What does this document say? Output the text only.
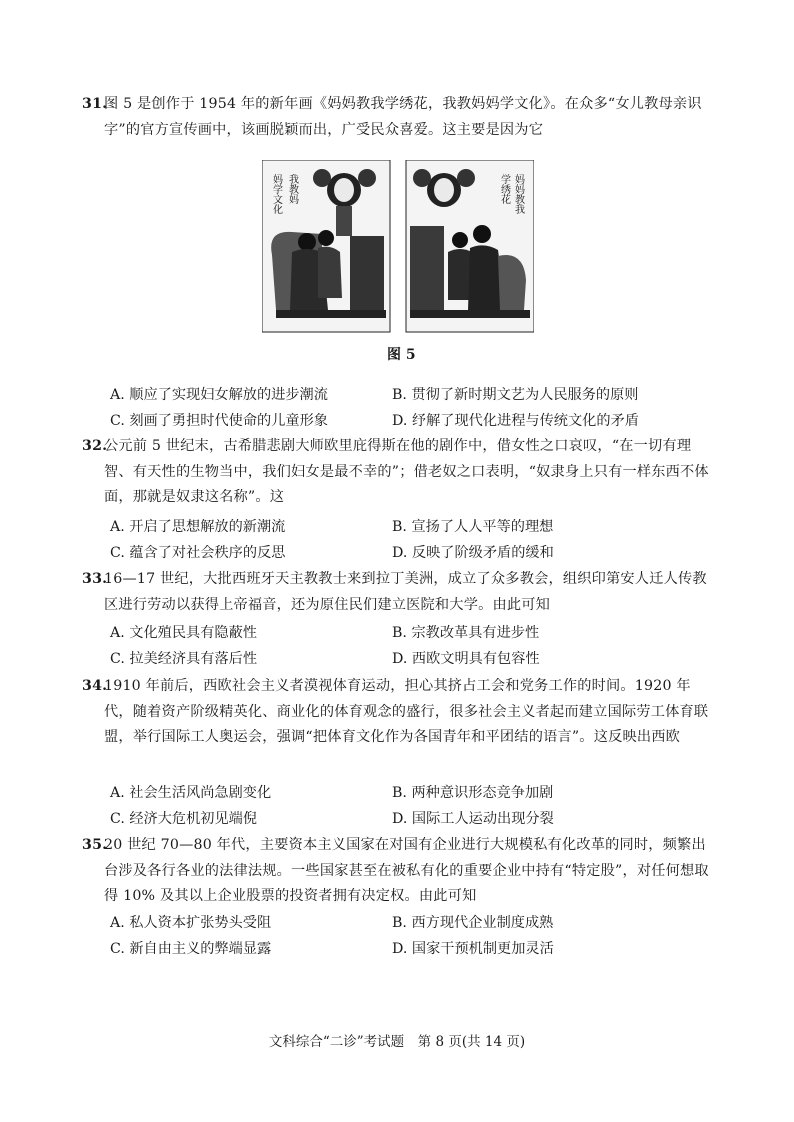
31.
图 5 是创作于 1954 年的新年画《妈妈教我学绣花，我教妈妈学文化》。在众多“女儿教母亲识字”的官方宣传画中，该画脱颖而出，广受民众喜爱。这主要是因为它
我教妈
妈学文化	妈妈教我
学绣花
图 5
A. 顺应了实现妇女解放的进步潮流	B. 贯彻了新时期文艺为人民服务的原则
C. 刻画了勇担时代使命的儿童形象	D. 纾解了现代化进程与传统文化的矛盾
32.
公元前 5 世纪末，古希腊悲剧大师欧里庇得斯在他的剧作中，借女性之口哀叹，“在一切有理智、有天性的生物当中，我们妇女是最不幸的”；借老奴之口表明，“奴隶身上只有一样东西不体面，那就是奴隶这名称”。这
A. 开启了思想解放的新潮流	B. 宣扬了人人平等的理想
C. 蕴含了对社会秩序的反思	D. 反映了阶级矛盾的缓和
33.
16—17 世纪，大批西班牙天主教教士来到拉丁美洲，成立了众多教会，组织印第安人迁人传教区进行劳动以获得上帝福音，还为原住民们建立医院和大学。由此可知
A. 文化殖民具有隐蔽性	B. 宗教改革具有进步性
C. 拉美经济具有落后性	D. 西欧文明具有包容性
34.
1910 年前后，西欧社会主义者漠视体育运动，担心其挤占工会和党务工作的时间。1920 年代，随着资产阶级精英化、商业化的体育观念的盛行，很多社会主义者起而建立国际劳工体育联盟，举行国际工人奥运会，强调“把体育文化作为各国青年和平团结的语言”。这反映出西欧
A. 社会生活风尚急剧变化	B. 两种意识形态竞争加剧
C. 经济大危机初见端倪	D. 国际工人运动出现分裂
35.
20 世纪 70—80 年代，主要资本主义国家在对国有企业进行大规模私有化改革的同时，频繁出台涉及各行各业的法律法规。一些国家甚至在被私有化的重要企业中持有“特定股”，对任何想取得 10% 及其以上企业股票的投资者拥有决定权。由此可知
A. 私人资本扩张势头受阻	B. 西方现代企业制度成熟
C. 新自由主义的弊端显露	D. 国家干预机制更加灵活
文科综合“二诊”考试题　第 8 页(共 14 页)
